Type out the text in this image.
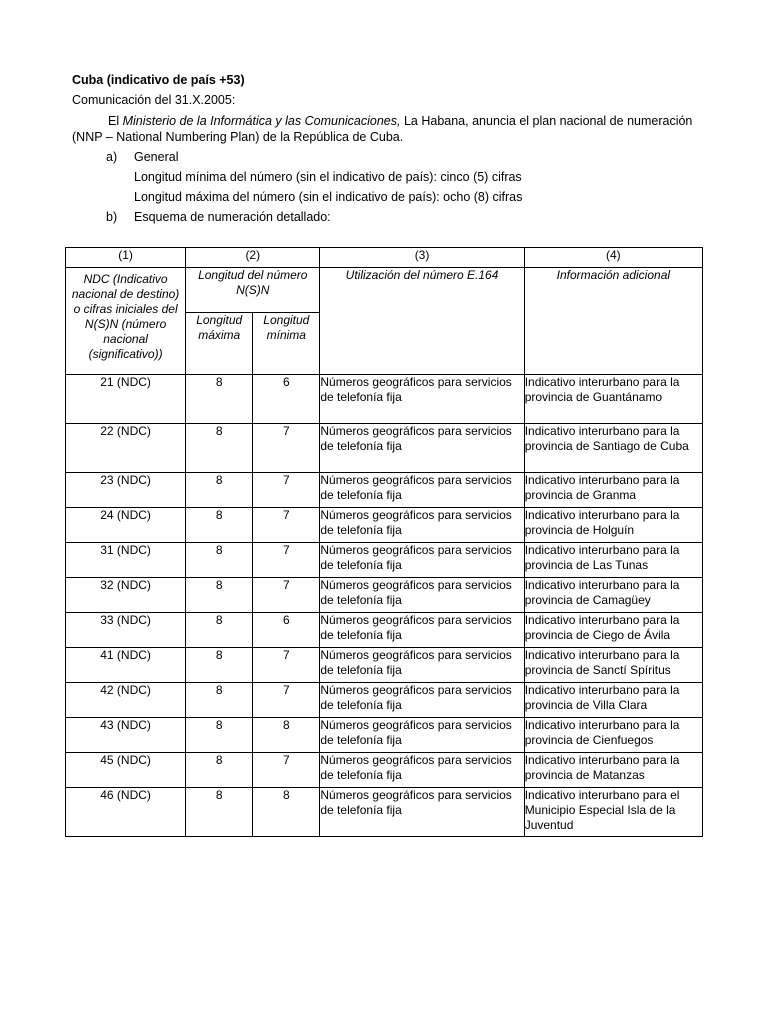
Cuba (indicativo de país +53)
Comunicación del 31.X.2005:
El Ministerio de la Informática y las Comunicaciones, La Habana, anuncia el plan nacional de numeración (NNP – National Numbering Plan) de la República de Cuba.
a) General
Longitud mínima del número (sin el indicativo de país): cinco (5) cifras
Longitud máxima del número (sin el indicativo de país): ocho (8) cifras
b) Esquema de numeración detallado:
(1)	(2)		(3)	(4)
NDC (Indicativo nacional de destino) o cifras iniciales del N(S)N (número nacional (significativo))	Longitud del número N(S)N		Utilización del número E.164	Información adicional
	Longitud máxima	Longitud mínima		
21 (NDC)	8	6	Números geográficos para servicios de telefonía fija	Indicativo interurbano para la provincia de Guantánamo
22 (NDC)	8	7	Números geográficos para servicios de telefonía fija	Indicativo interurbano para la provincia de Santiago de Cuba
23 (NDC)	8	7	Números geográficos para servicios de telefonía fija	Indicativo interurbano para la provincia de Granma
24 (NDC)	8	7	Números geográficos para servicios de telefonía fija	Indicativo interurbano para la provincia de Holguín
31 (NDC)	8	7	Números geográficos para servicios de telefonía fija	Indicativo interurbano para la provincia de Las Tunas
32 (NDC)	8	7	Números geográficos para servicios de telefonía fija	Indicativo interurbano para la provincia de Camagüey
33 (NDC)	8	6	Números geográficos para servicios de telefonía fija	Indicativo interurbano para la provincia de Ciego de Ávila
41 (NDC)	8	7	Números geográficos para servicios de telefonía fija	Indicativo interurbano para la provincia de Sanctí Spíritus
42 (NDC)	8	7	Números geográficos para servicios de telefonía fija	Indicativo interurbano para la provincia de Villa Clara
43 (NDC)	8	8	Números geográficos para servicios de telefonía fija	Indicativo interurbano para la provincia de Cienfuegos
45 (NDC)	8	7	Números geográficos para servicios de telefonía fija	Indicativo interurbano para la provincia de Matanzas
46 (NDC)	8	8	Números geográficos para servicios de telefonía fija	Indicativo interurbano para el Municipio Especial Isla de la Juventud
